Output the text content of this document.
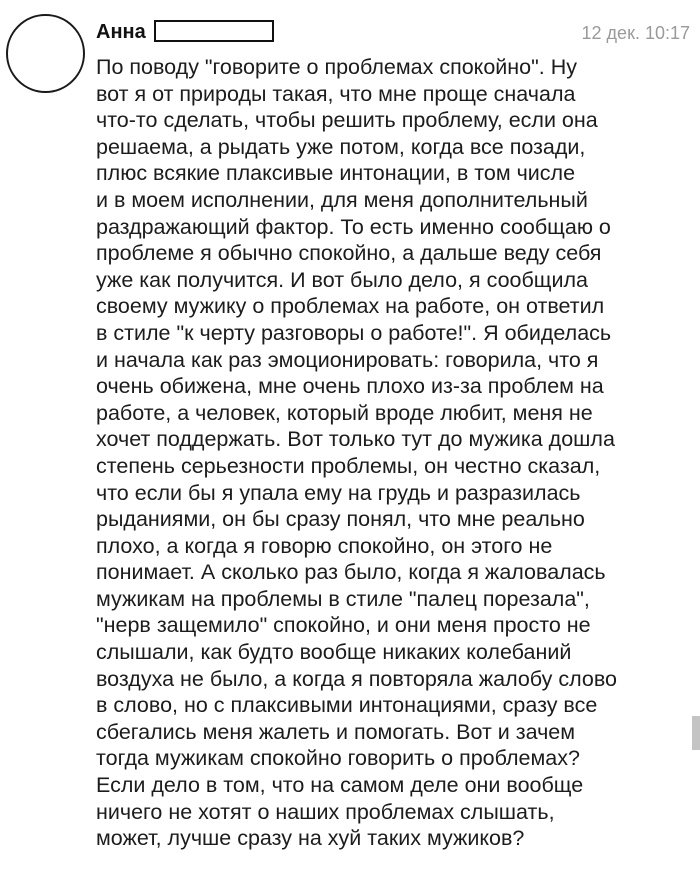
Анна	12 дек. 10:17

По поводу "говорите о проблемах спокойно". Ну
вот я от природы такая, что мне проще сначала
что-то сделать, чтобы решить проблему, если она
решаема, а рыдать уже потом, когда все позади,
плюс всякие плаксивые интонации, в том числе
и в моем исполнении, для меня дополнительный
раздражающий фактор. То есть именно сообщаю о
проблеме я обычно спокойно, а дальше веду себя
уже как получится. И вот было дело, я сообщила
своему мужику о проблемах на работе, он ответил
в стиле "к черту разговоры о работе!". Я обиделась
и начала как раз эмоционировать: говорила, что я
очень обижена, мне очень плохо из-за проблем на
работе, а человек, который вроде любит, меня не
хочет поддержать. Вот только тут до мужика дошла
степень серьезности проблемы, он честно сказал,
что если бы я упала ему на грудь и разразилась
рыданиями, он бы сразу понял, что мне реально
плохо, а когда я говорю спокойно, он этого не
понимает. А сколько раз было, когда я жаловалась
мужикам на проблемы в стиле "палец порезала",
"нерв защемило" спокойно, и они меня просто не
слышали, как будто вообще никаких колебаний
воздуха не было, а когда я повторяла жалобу слово
в слово, но с плаксивыми интонациями, сразу все
сбегались меня жалеть и помогать. Вот и зачем
тогда мужикам спокойно говорить о проблемах?
Если дело в том, что на самом деле они вообще
ничего не хотят о наших проблемах слышать,
может, лучше сразу на хуй таких мужиков?
